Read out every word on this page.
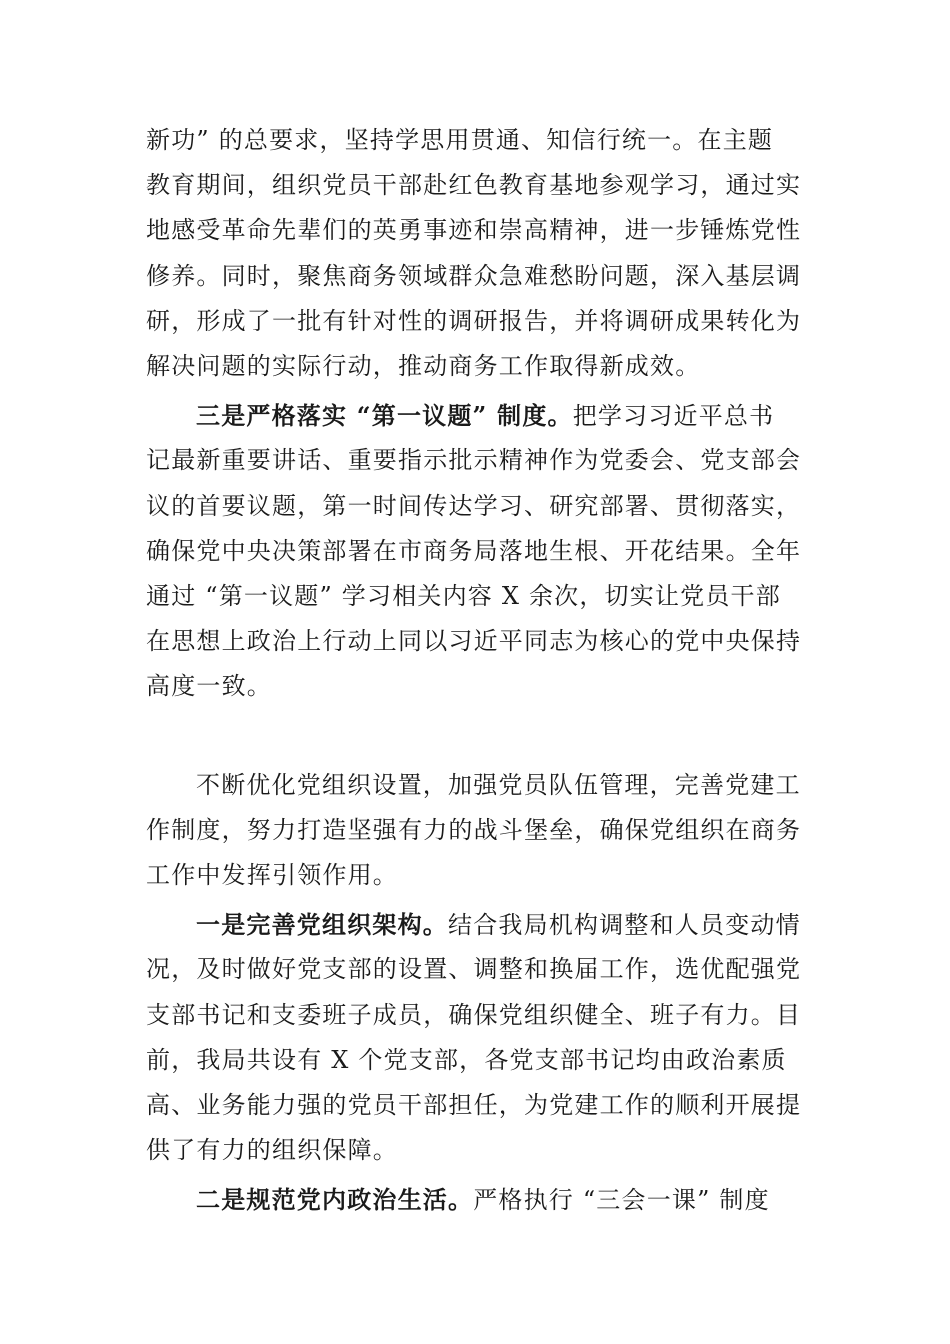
新功” 的总要求，坚持学思用贯通、知信行统一。在主题
教育期间，组织党员干部赴红色教育基地参观学习，通过实
地感受革命先辈们的英勇事迹和崇高精神，进一步锤炼党性
修养。同时，聚焦商务领域群众急难愁盼问题，深入基层调
研，形成了一批有针对性的调研报告，并将调研成果转化为
解决问题的实际行动，推动商务工作取得新成效。
三是严格落实 “第一议题” 制度。把学习习近平总书
记最新重要讲话、重要指示批示精神作为党委会、党支部会
议的首要议题，第一时间传达学习、研究部署、贯彻落实，
确保党中央决策部署在市商务局落地生根、开花结果。全年
通过 “第一议题” 学习相关内容 X 余次，切实让党员干部
在思想上政治上行动上同以习近平同志为核心的党中央保持
高度一致。
不断优化党组织设置，加强党员队伍管理，完善党建工
作制度，努力打造坚强有力的战斗堡垒，确保党组织在商务
工作中发挥引领作用。
一是完善党组织架构。结合我局机构调整和人员变动情
况，及时做好党支部的设置、调整和换届工作，选优配强党
支部书记和支委班子成员，确保党组织健全、班子有力。目
前，我局共设有 X 个党支部，各党支部书记均由政治素质
高、业务能力强的党员干部担任，为党建工作的顺利开展提
供了有力的组织保障。
二是规范党内政治生活。严格执行 “三会一课” 制度
